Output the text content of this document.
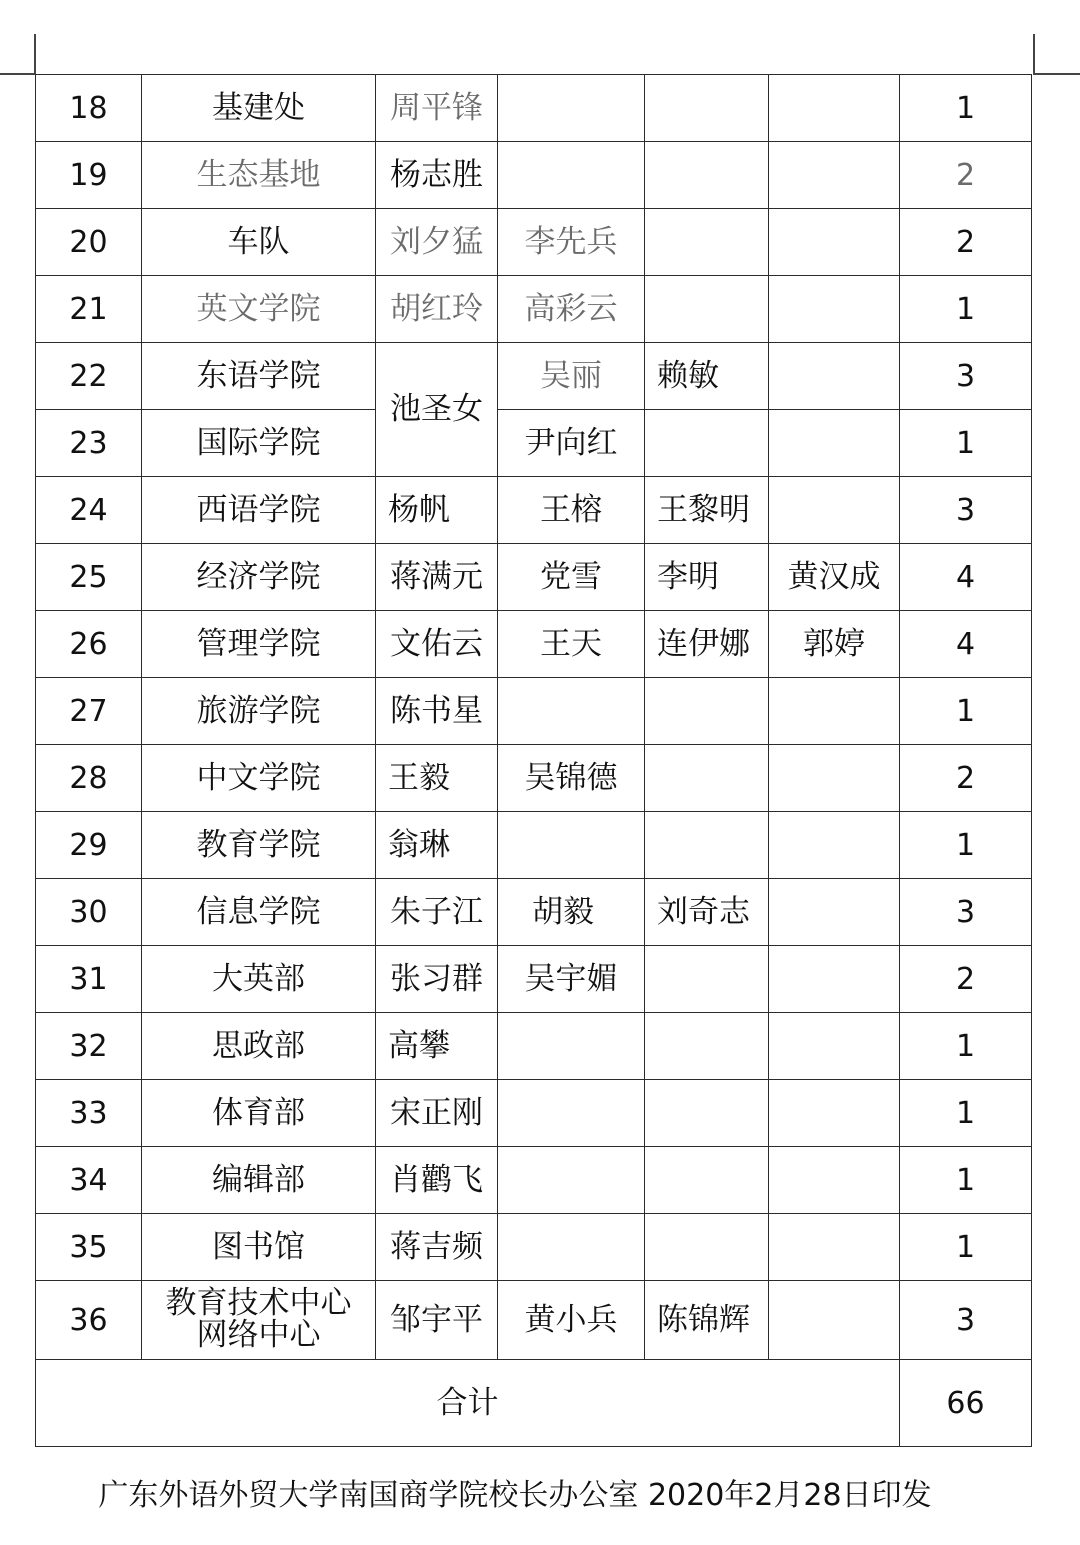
18	基建处	周平锋				1
19	生态基地	杨志胜				2
20	车队	刘夕猛	李先兵			2
21	英文学院	胡红玲	高彩云			1
22	东语学院	池圣女	吴丽	赖敏		3
23	国际学院		尹向红			1
24	西语学院	杨帆	王榕	王黎明		3
25	经济学院	蒋满元	党雪	李明	黄汉成	4
26	管理学院	文佑云	王天	连伊娜	郭婷	4
27	旅游学院	陈书星				1
28	中文学院	王毅	吴锦德			2
29	教育学院	翁琳				1
30	信息学院	朱子江	胡毅	刘奇志		3
31	大英部	张习群	吴宇媚			2
32	思政部	高攀				1
33	体育部	宋正刚				1
34	编辑部	肖鹳飞				1
35	图书馆	蒋吉频				1
36	教育技术中心
网络中心	邹宇平	黄小兵	陈锦辉		3
合计						66
广东外语外贸大学南国商学院校长办公室 2020年2月28日印发
